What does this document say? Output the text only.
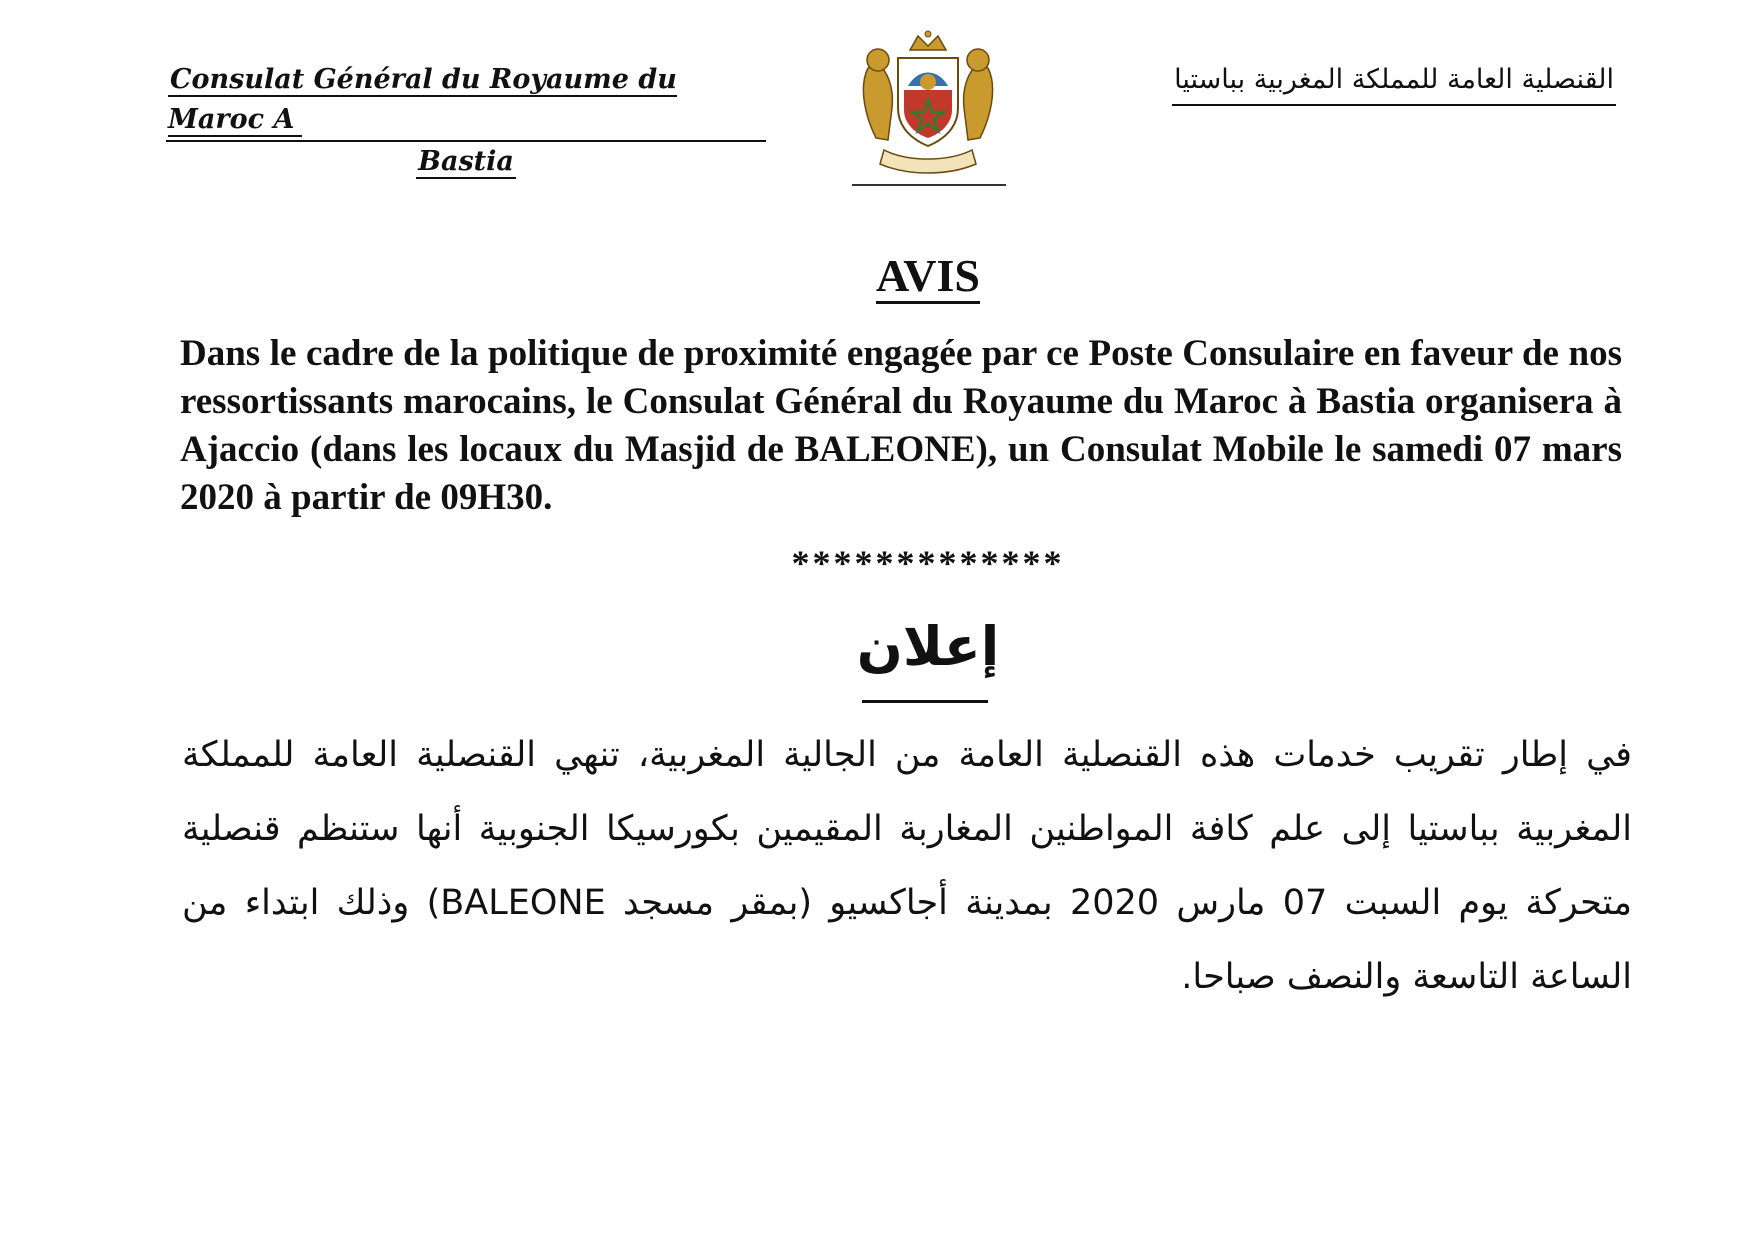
Consulat Général du Royaume du Maroc A
Bastia
القنصلية العامة للمملكة المغربية بباستيا
AVIS
Dans le cadre de la politique de proximité engagée par ce Poste Consulaire en faveur de nos ressortissants marocains, le Consulat Général du Royaume du Maroc à Bastia organisera à Ajaccio (dans les locaux du Masjid de BALEONE), un Consulat Mobile le samedi 07 mars 2020 à partir de 09H30.
*************
إعلان
في إطار تقريب خدمات هذه القنصلية العامة من الجالية المغربية، تنهي القنصلية العامة للمملكة المغربية بباستيا إلى علم كافة المواطنين المغاربة المقيمين بكورسيكا الجنوبية أنها ستنظم قنصلية متحركة يوم السبت 07 مارس 2020 بمدينة أجاكسيو (بمقر مسجد BALEONE) وذلك ابتداء من الساعة التاسعة والنصف صباحا.
